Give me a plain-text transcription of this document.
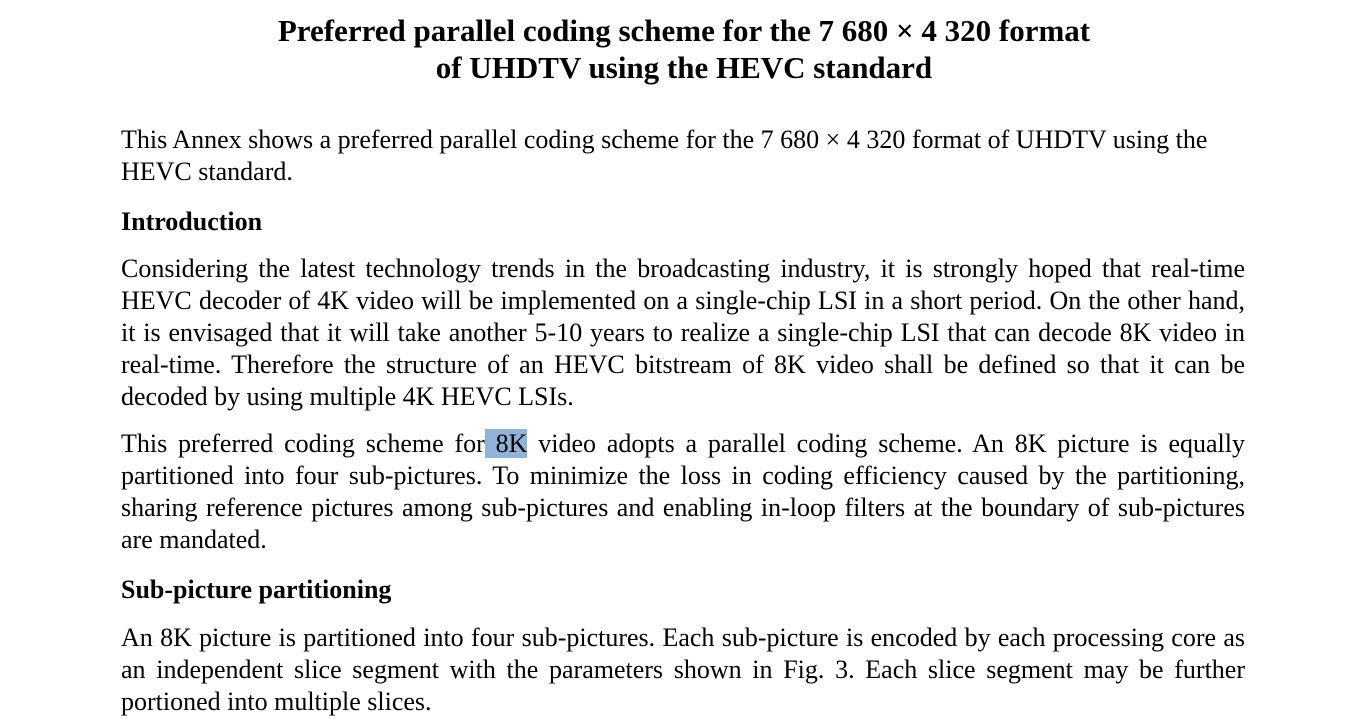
Preferred parallel coding scheme for the 7 680 × 4 320 format
of UHDTV using the HEVC standard

This Annex shows a preferred parallel coding scheme for the 7 680 × 4 320 format of UHDTV using the HEVC standard.

Introduction

Considering the latest technology trends in the broadcasting industry, it is strongly hoped that real-time HEVC decoder of 4K video will be implemented on a single-chip LSI in a short period. On the other hand, it is envisaged that it will take another 5-10 years to realize a single-chip LSI that can decode 8K video in real-time. Therefore the structure of an HEVC bitstream of 8K video shall be defined so that it can be decoded by using multiple 4K HEVC LSIs.

This preferred coding scheme for 8K video adopts a parallel coding scheme. An 8K picture is equally partitioned into four sub-pictures. To minimize the loss in coding efficiency caused by the partitioning, sharing reference pictures among sub-pictures and enabling in-loop filters at the boundary of sub-pictures are mandated.

Sub-picture partitioning

An 8K picture is partitioned into four sub-pictures. Each sub-picture is encoded by each processing core as an independent slice segment with the parameters shown in Fig. 3. Each slice segment may be further portioned into multiple slices.
